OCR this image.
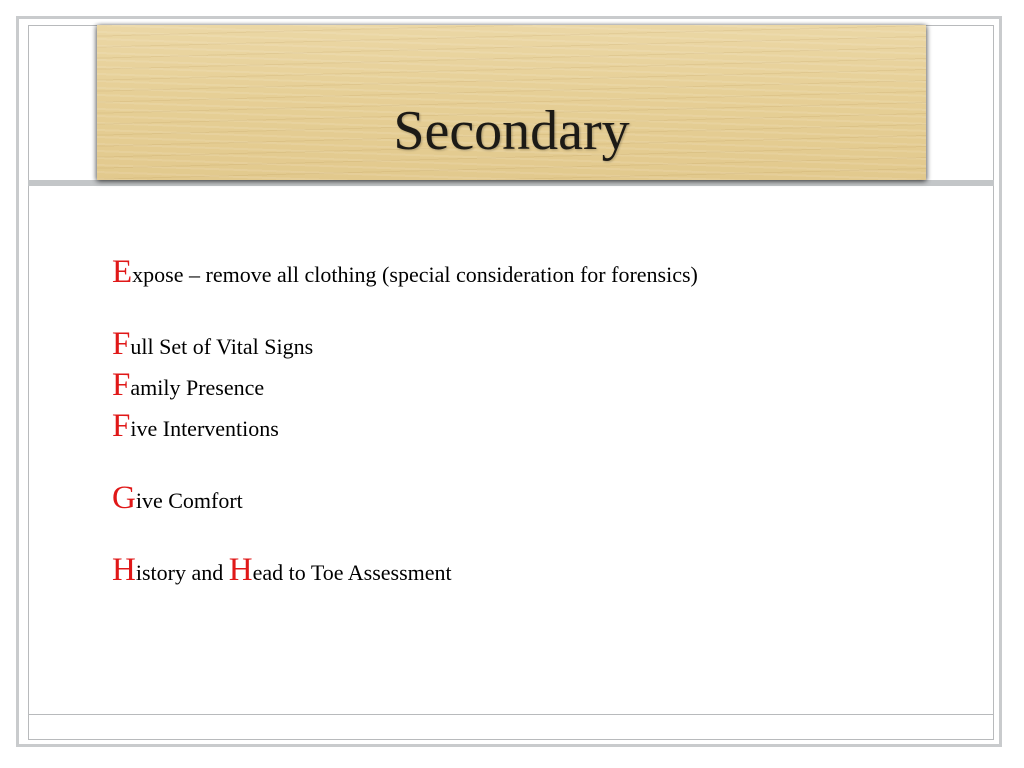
Secondary
Expose – remove all clothing (special consideration for forensics)
Full Set of Vital Signs
Family Presence
Five Interventions
Give Comfort
History and Head to Toe Assessment
